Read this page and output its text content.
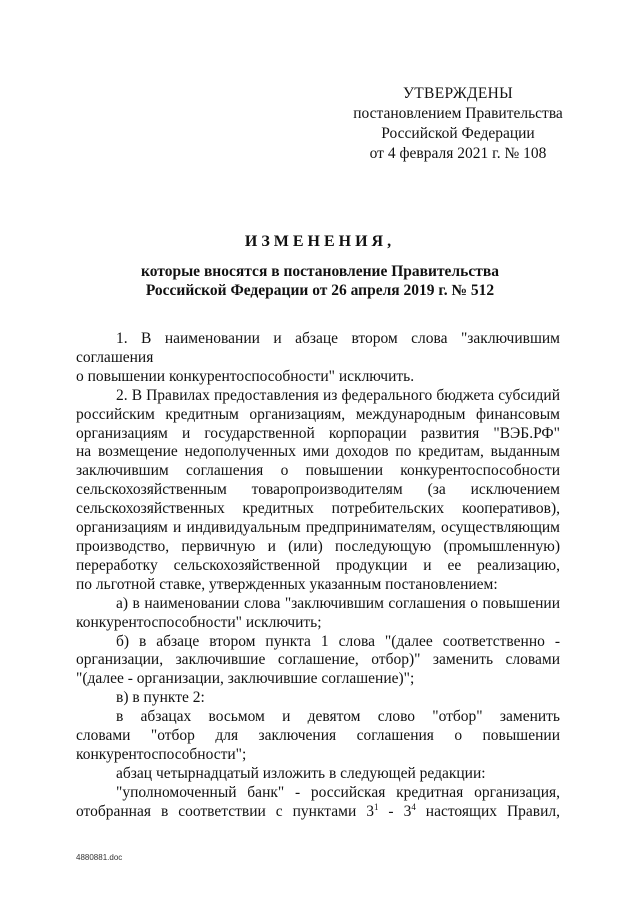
УТВЕРЖДЕНЫ
постановлением Правительства
Российской Федерации
от 4 февраля 2021 г. № 108
ИЗМЕНЕНИЯ,
которые вносятся в постановление Правительства
Российской Федерации от 26 апреля 2019 г. № 512

1. В наименовании и абзаце втором слова "заключившим соглашения

о повышении конкурентоспособности" исключить.

2. В Правилах предоставления из федерального бюджета субсидий

российским кредитным организациям, международным финансовым

организациям и государственной корпорации развития "ВЭБ.РФ"

на возмещение недополученных ими доходов по кредитам, выданным

заключившим соглашения о повышении конкурентоспособности

сельскохозяйственным товаропроизводителям (за исключением

сельскохозяйственных кредитных потребительских кооперативов),

организациям и индивидуальным предпринимателям, осуществляющим

производство, первичную и (или) последующую (промышленную)

переработку сельскохозяйственной продукции и ее реализацию,

по льготной ставке, утвержденных указанным постановлением:

а) в наименовании слова "заключившим соглашения о повышении

конкурентоспособности" исключить;

б) в абзаце втором пункта 1 слова "(далее соответственно -

организации, заключившие соглашение, отбор)" заменить словами

"(далее - организации, заключившие соглашение)";

в) в пункте 2:

в абзацах восьмом и девятом слово "отбор" заменить

словами "отбор для заключения соглашения о повышении

конкурентоспособности";

абзац четырнадцатый изложить в следующей редакции:

"уполномоченный банк" - российская кредитная организация,

отобранная в соответствии с пунктами $3^1 - 3^4$ настоящих Правил,

4880881.doc
